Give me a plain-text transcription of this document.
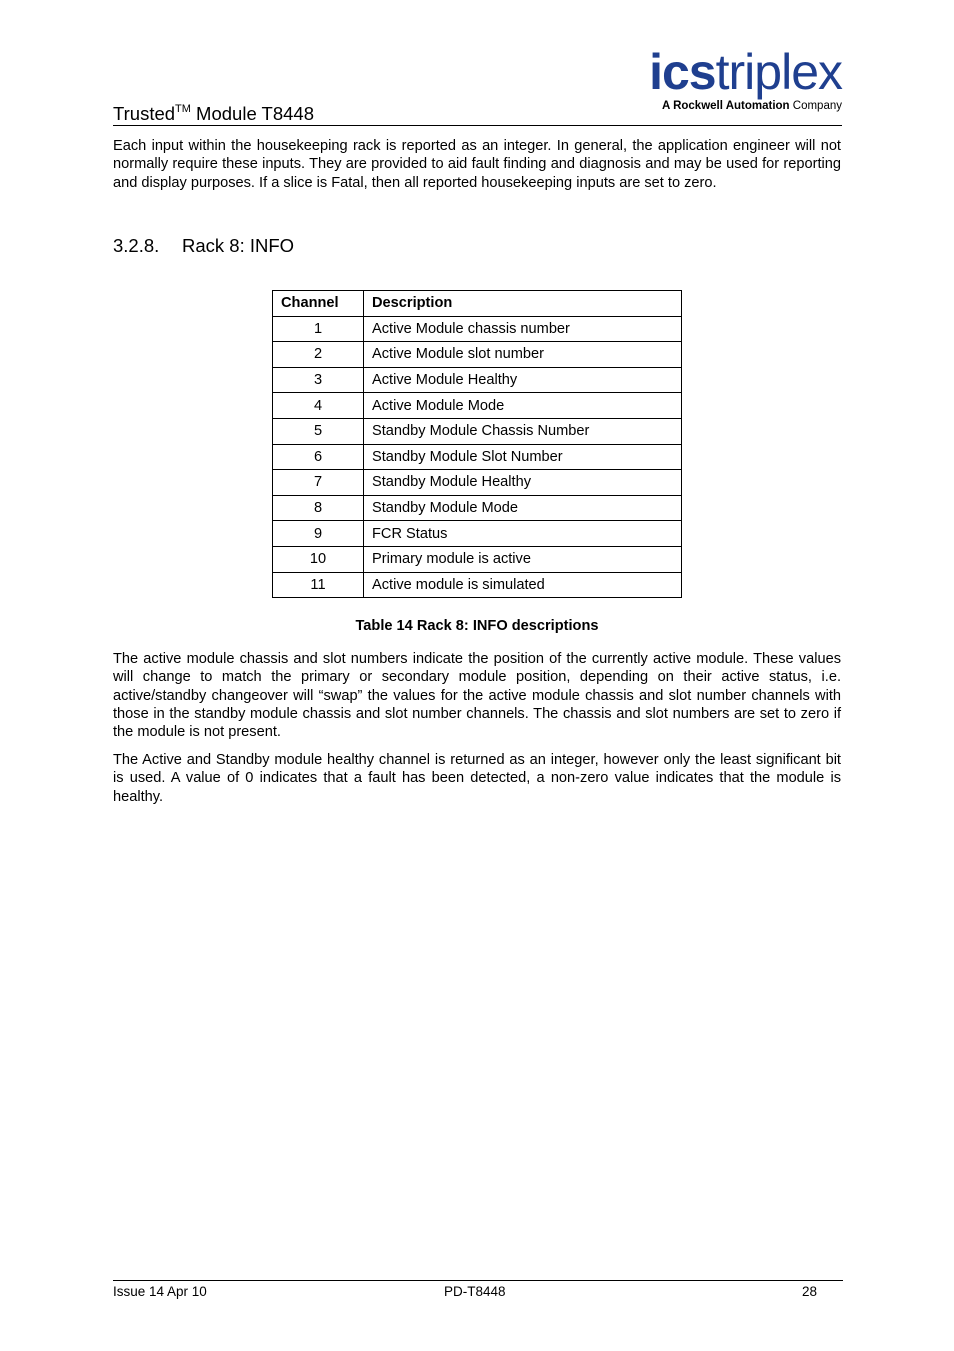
Trusted™ Module T8448
icstriplex
A Rockwell Automation Company

Each input within the housekeeping rack is reported as an integer. In general, the application engineer will not normally require these inputs. They are provided to aid fault finding and diagnosis and may be used for reporting and display purposes. If a slice is Fatal, then all reported housekeeping inputs are set to zero.

3.2.8. Rack 8: INFO
Channel	Description
1	Active Module chassis number
2	Active Module slot number
3	Active Module Healthy
4	Active Module Mode
5	Standby Module Chassis Number
6	Standby Module Slot Number
7	Standby Module Healthy
8	Standby Module Mode
9	FCR Status
10	Primary module is active
11	Active module is simulated
Table 14 Rack 8: INFO descriptions

The active module chassis and slot numbers indicate the position of the currently active module. These values will change to match the primary or secondary module position, depending on their active status, i.e. active/standby changeover will “swap” the values for the active module chassis and slot number channels with those in the standby module chassis and slot number channels. The chassis and slot numbers are set to zero if the module is not present.

The Active and Standby module healthy channel is returned as an integer, however only the least significant bit is used. A value of 0 indicates that a fault has been detected, a non-zero value indicates that the module is healthy.

Issue 14 Apr 10	PD-T8448	28
